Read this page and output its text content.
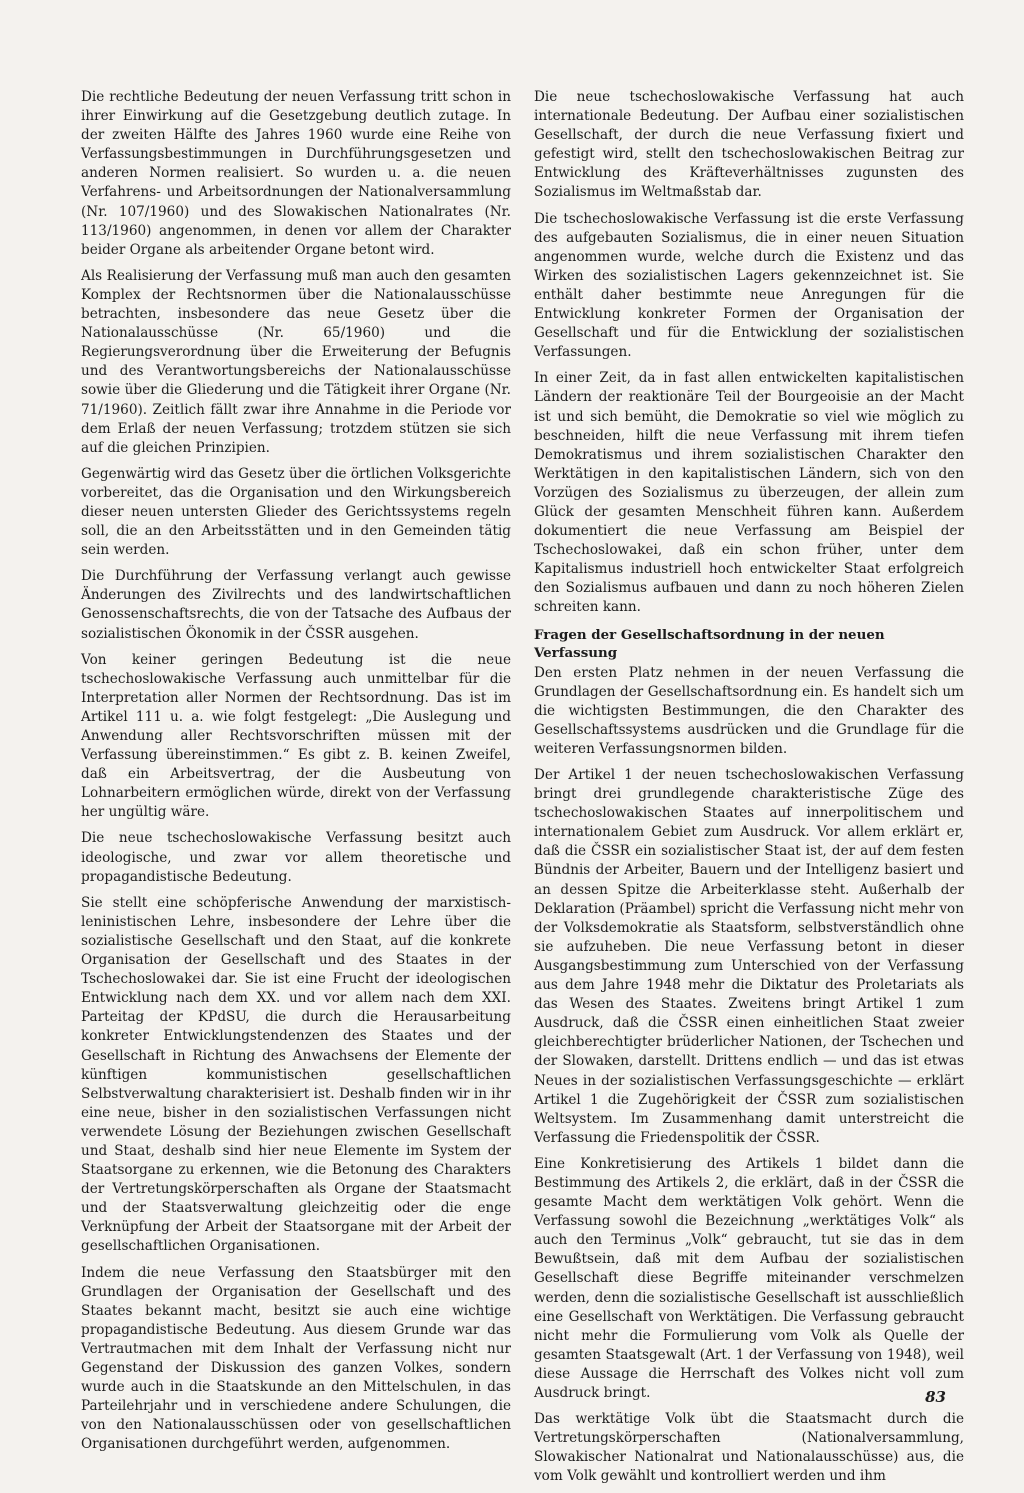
Die rechtliche Bedeutung der neuen Verfassung tritt schon in ihrer Einwirkung auf die Gesetzgebung deutlich zutage. In der zweiten Hälfte des Jahres 1960 wurde eine Reihe von Verfassungsbestimmungen in Durchführungsgesetzen und anderen Normen realisiert. So wurden u. a. die neuen Verfahrens- und Arbeitsordnungen der Nationalversammlung (Nr. 107/1960) und des Slowakischen Nationalrates (Nr. 113/1960) angenommen, in denen vor allem der Charakter beider Organe als arbeitender Organe betont wird.

Als Realisierung der Verfassung muß man auch den gesamten Komplex der Rechtsnormen über die Nationalausschüsse betrachten, insbesondere das neue Gesetz über die Nationalausschüsse (Nr. 65/1960) und die Regierungsverordnung über die Erweiterung der Befugnis und des Verantwortungsbereichs der Nationalausschüsse sowie über die Gliederung und die Tätigkeit ihrer Organe (Nr. 71/1960). Zeitlich fällt zwar ihre Annahme in die Periode vor dem Erlaß der neuen Verfassung; trotzdem stützen sie sich auf die gleichen Prinzipien.

Gegenwärtig wird das Gesetz über die örtlichen Volksgerichte vorbereitet, das die Organisation und den Wirkungsbereich dieser neuen untersten Glieder des Gerichtssystems regeln soll, die an den Arbeitsstätten und in den Gemeinden tätig sein werden.

Die Durchführung der Verfassung verlangt auch gewisse Änderungen des Zivilrechts und des landwirtschaftlichen Genossenschaftsrechts, die von der Tatsache des Aufbaus der sozialistischen Ökonomik in der ČSSR ausgehen.

Von keiner geringen Bedeutung ist die neue tschechoslowakische Verfassung auch unmittelbar für die Interpretation aller Normen der Rechtsordnung. Das ist im Artikel 111 u. a. wie folgt festgelegt: „Die Auslegung und Anwendung aller Rechtsvorschriften müssen mit der Verfassung übereinstimmen.“ Es gibt z. B. keinen Zweifel, daß ein Arbeitsvertrag, der die Ausbeutung von Lohnarbeitern ermöglichen würde, direkt von der Verfassung her ungültig wäre.

Die neue tschechoslowakische Verfassung besitzt auch ideologische, und zwar vor allem theoretische und propagandistische Bedeutung.

Sie stellt eine schöpferische Anwendung der marxistisch-leninistischen Lehre, insbesondere der Lehre über die sozialistische Gesellschaft und den Staat, auf die konkrete Organisation der Gesellschaft und des Staates in der Tschechoslowakei dar. Sie ist eine Frucht der ideologischen Entwicklung nach dem XX. und vor allem nach dem XXI. Parteitag der KPdSU, die durch die Herausarbeitung konkreter Entwicklungstendenzen des Staates und der Gesellschaft in Richtung des Anwachsens der Elemente der künftigen kommunistischen gesellschaftlichen Selbstverwaltung charakterisiert ist. Deshalb finden wir in ihr eine neue, bisher in den sozialistischen Verfassungen nicht verwendete Lösung der Beziehungen zwischen Gesellschaft und Staat, deshalb sind hier neue Elemente im System der Staatsorgane zu erkennen, wie die Betonung des Charakters der Vertretungskörperschaften als Organe der Staatsmacht und der Staatsverwaltung gleichzeitig oder die enge Verknüpfung der Arbeit der Staatsorgane mit der Arbeit der gesellschaftlichen Organisationen.

Indem die neue Verfassung den Staatsbürger mit den Grundlagen der Organisation der Gesellschaft und des Staates bekannt macht, besitzt sie auch eine wichtige propagandistische Bedeutung. Aus diesem Grunde war das Vertrautmachen mit dem Inhalt der Verfassung nicht nur Gegenstand der Diskussion des ganzen Volkes, sondern wurde auch in die Staatskunde an den Mittelschulen, in das Parteilehrjahr und in verschiedene andere Schulungen, die von den Nationalausschüssen oder von gesellschaftlichen Organisationen durchgeführt werden, aufgenommen.

Die neue tschechoslowakische Verfassung hat auch internationale Bedeutung. Der Aufbau einer sozialistischen Gesellschaft, der durch die neue Verfassung fixiert und gefestigt wird, stellt den tschechoslowakischen Beitrag zur Entwicklung des Kräfteverhältnisses zugunsten des Sozialismus im Weltmaßstab dar.

Die tschechoslowakische Verfassung ist die erste Verfassung des aufgebauten Sozialismus, die in einer neuen Situation angenommen wurde, welche durch die Existenz und das Wirken des sozialistischen Lagers gekennzeichnet ist. Sie enthält daher bestimmte neue Anregungen für die Entwicklung konkreter Formen der Organisation der Gesellschaft und für die Entwicklung der sozialistischen Verfassungen.

In einer Zeit, da in fast allen entwickelten kapitalistischen Ländern der reaktionäre Teil der Bourgeoisie an der Macht ist und sich bemüht, die Demokratie so viel wie möglich zu beschneiden, hilft die neue Verfassung mit ihrem tiefen Demokratismus und ihrem sozialistischen Charakter den Werktätigen in den kapitalistischen Ländern, sich von den Vorzügen des Sozialismus zu überzeugen, der allein zum Glück der gesamten Menschheit führen kann. Außerdem dokumentiert die neue Verfassung am Beispiel der Tschechoslowakei, daß ein schon früher, unter dem Kapitalismus industriell hoch entwickelter Staat erfolgreich den Sozialismus aufbauen und dann zu noch höheren Zielen schreiten kann.

Fragen der Gesellschaftsordnung in der neuen Verfassung

Den ersten Platz nehmen in der neuen Verfassung die Grundlagen der Gesellschaftsordnung ein. Es handelt sich um die wichtigsten Bestimmungen, die den Charakter des Gesellschaftssystems ausdrücken und die Grundlage für die weiteren Verfassungsnormen bilden.

Der Artikel 1 der neuen tschechoslowakischen Verfassung bringt drei grundlegende charakteristische Züge des tschechoslowakischen Staates auf innerpolitischem und internationalem Gebiet zum Ausdruck. Vor allem erklärt er, daß die ČSSR ein sozialistischer Staat ist, der auf dem festen Bündnis der Arbeiter, Bauern und der Intelligenz basiert und an dessen Spitze die Arbeiterklasse steht. Außerhalb der Deklaration (Präambel) spricht die Verfassung nicht mehr von der Volksdemokratie als Staatsform, selbstverständlich ohne sie aufzuheben. Die neue Verfassung betont in dieser Ausgangsbestimmung zum Unterschied von der Verfassung aus dem Jahre 1948 mehr die Diktatur des Proletariats als das Wesen des Staates. Zweitens bringt Artikel 1 zum Ausdruck, daß die ČSSR einen einheitlichen Staat zweier gleichberechtigter brüderlicher Nationen, der Tschechen und der Slowaken, darstellt. Drittens endlich — und das ist etwas Neues in der sozialistischen Verfassungsgeschichte — erklärt Artikel 1 die Zugehörigkeit der ČSSR zum sozialistischen Weltsystem. Im Zusammenhang damit unterstreicht die Verfassung die Friedenspolitik der ČSSR.

Eine Konkretisierung des Artikels 1 bildet dann die Bestimmung des Artikels 2, die erklärt, daß in der ČSSR die gesamte Macht dem werktätigen Volk gehört. Wenn die Verfassung sowohl die Bezeichnung „werktätiges Volk“ als auch den Terminus „Volk“ gebraucht, tut sie das in dem Bewußtsein, daß mit dem Aufbau der sozialistischen Gesellschaft diese Begriffe miteinander verschmelzen werden, denn die sozialistische Gesellschaft ist ausschließlich eine Gesellschaft von Werktätigen. Die Verfassung gebraucht nicht mehr die Formulierung vom Volk als Quelle der gesamten Staatsgewalt (Art. 1 der Verfassung von 1948), weil diese Aussage die Herrschaft des Volkes nicht voll zum Ausdruck bringt.

Das werktätige Volk übt die Staatsmacht durch die Vertretungskörperschaften (Nationalversammlung, Slowakischer Nationalrat und Nationalausschüsse) aus, die vom Volk gewählt und kontrolliert werden und ihm

83
